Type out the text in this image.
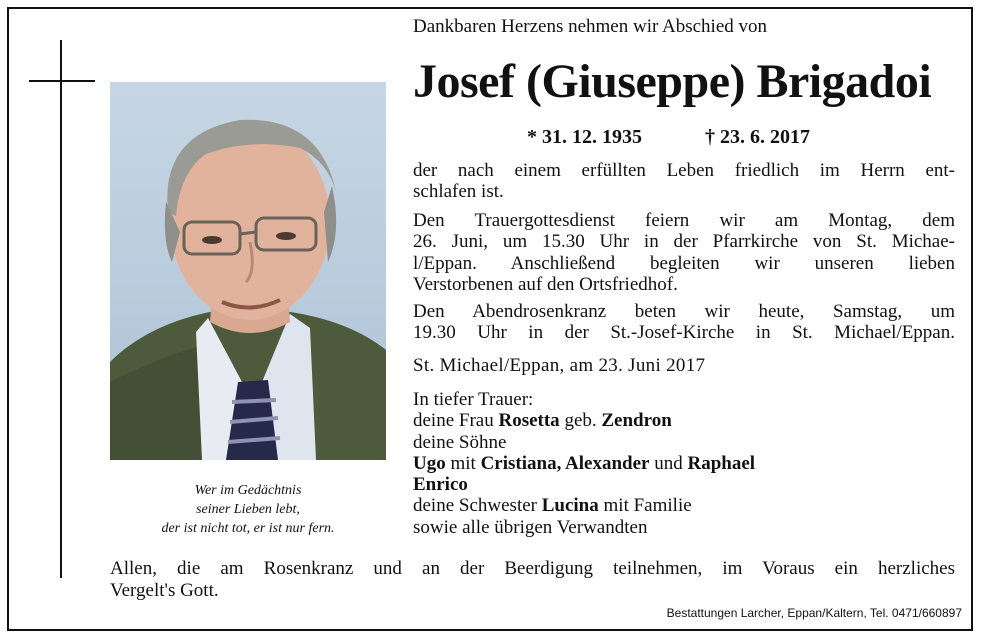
Wer im Gedächtnis
seiner Lieben lebt,
der ist nicht tot, er ist nur fern.
Dankbaren Herzens nehmen wir Abschied von
Josef (Giuseppe) Brigadoi
* 31. 12. 1935	† 23. 6. 2017
der nach einem erfüllten Leben friedlich im Herrn ent-
schlafen ist.
Den Trauergottesdienst feiern wir am Montag, dem
26. Juni, um 15.30 Uhr in der Pfarrkirche von St. Michae-
l/Eppan. Anschließend begleiten wir unseren lieben
Verstorbenen auf den Ortsfriedhof.
Den Abendrosenkranz beten wir heute, Samstag, um
19.30 Uhr in der St.-Josef-Kirche in St. Michael/Eppan.
St. Michael/Eppan, am 23. Juni 2017
In tiefer Trauer:
deine Frau Rosetta geb. Zendron
deine Söhne
Ugo mit Cristiana, Alexander und Raphael
Enrico
deine Schwester Lucina mit Familie
sowie alle übrigen Verwandten
Allen, die am Rosenkranz und an der Beerdigung teilnehmen, im Voraus ein herzliches
Vergelt's Gott.
Bestattungen Larcher, Eppan/Kaltern, Tel. 0471/660897
